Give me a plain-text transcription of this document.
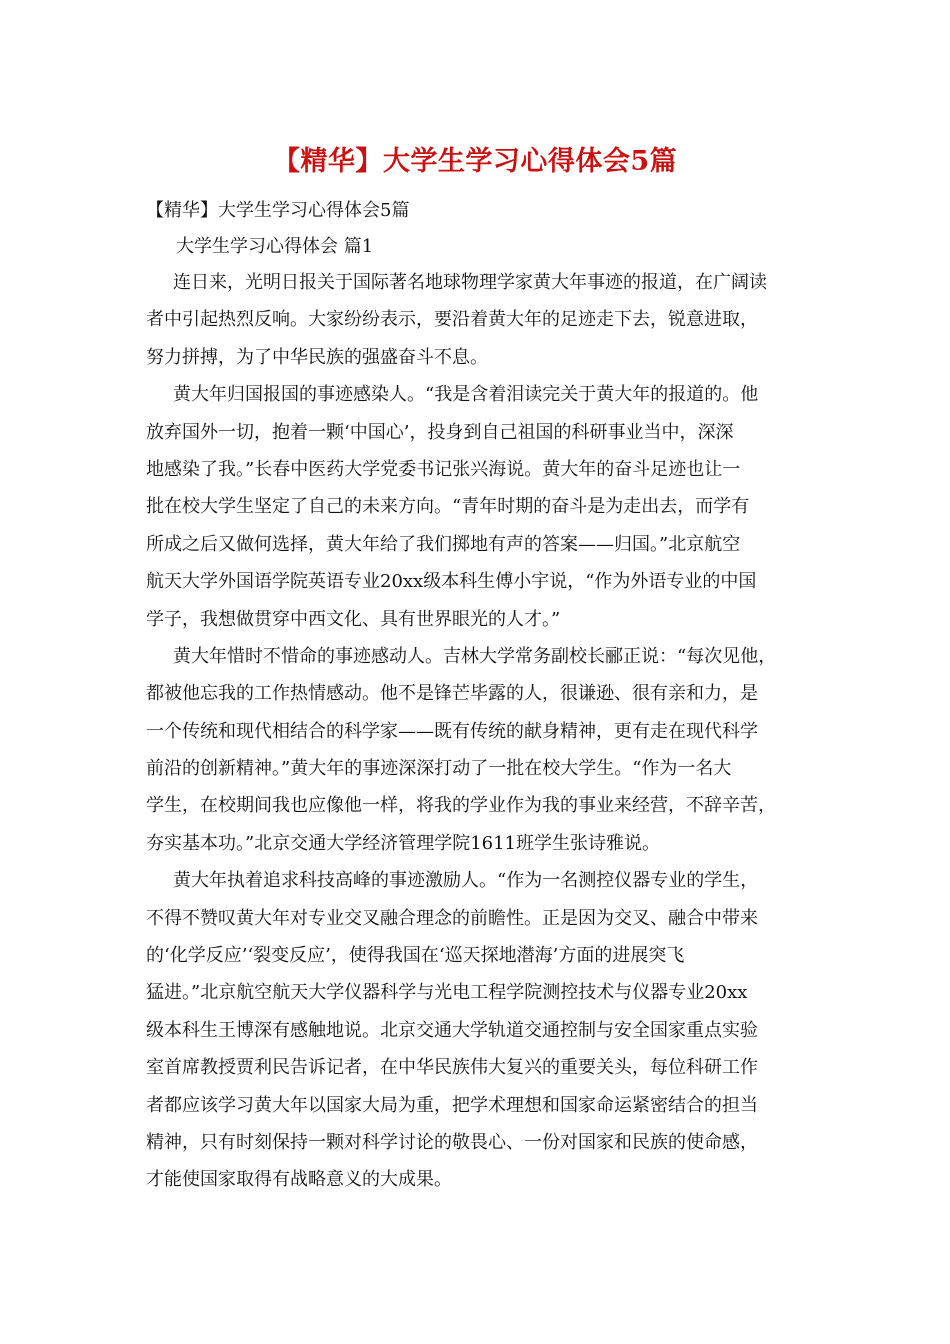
【精华】大学生学习心得体会5篇
【精华】大学生学习心得体会5篇
大学生学习心得体会 篇1
连日来，光明日报关于国际著名地球物理学家黄大年事迹的报道，在广阔读
者中引起热烈反响。大家纷纷表示，要沿着黄大年的足迹走下去，锐意进取，
努力拼搏，为了中华民族的强盛奋斗不息。
黄大年归国报国的事迹感染人。“我是含着泪读完关于黄大年的报道的。他
放弃国外一切，抱着一颗‘中国心’，投身到自己祖国的科研事业当中，深深
地感染了我。”长春中医药大学党委书记张兴海说。黄大年的奋斗足迹也让一
批在校大学生坚定了自己的未来方向。“青年时期的奋斗是为走出去，而学有
所成之后又做何选择，黄大年给了我们掷地有声的答案——归国。”北京航空
航天大学外国语学院英语专业20xx级本科生傅小宇说，“作为外语专业的中国
学子，我想做贯穿中西文化、具有世界眼光的人才。”
黄大年惜时不惜命的事迹感动人。吉林大学常务副校长郦正说：“每次见他，
都被他忘我的工作热情感动。他不是锋芒毕露的人，很谦逊、很有亲和力，是
一个传统和现代相结合的科学家——既有传统的献身精神，更有走在现代科学
前沿的创新精神。”黄大年的事迹深深打动了一批在校大学生。“作为一名大
学生，在校期间我也应像他一样，将我的学业作为我的事业来经营，不辞辛苦，
夯实基本功。”北京交通大学经济管理学院1611班学生张诗雅说。
黄大年执着追求科技高峰的事迹激励人。“作为一名测控仪器专业的学生，
不得不赞叹黄大年对专业交叉融合理念的前瞻性。正是因为交叉、融合中带来
的‘化学反应’‘裂变反应’，使得我国在‘巡天探地潜海’方面的进展突飞
猛进。”北京航空航天大学仪器科学与光电工程学院测控技术与仪器专业20xx
级本科生王博深有感触地说。北京交通大学轨道交通控制与安全国家重点实验
室首席教授贾利民告诉记者，在中华民族伟大复兴的重要关头，每位科研工作
者都应该学习黄大年以国家大局为重，把学术理想和国家命运紧密结合的担当
精神，只有时刻保持一颗对科学讨论的敬畏心、一份对国家和民族的使命感，
才能使国家取得有战略意义的大成果。
